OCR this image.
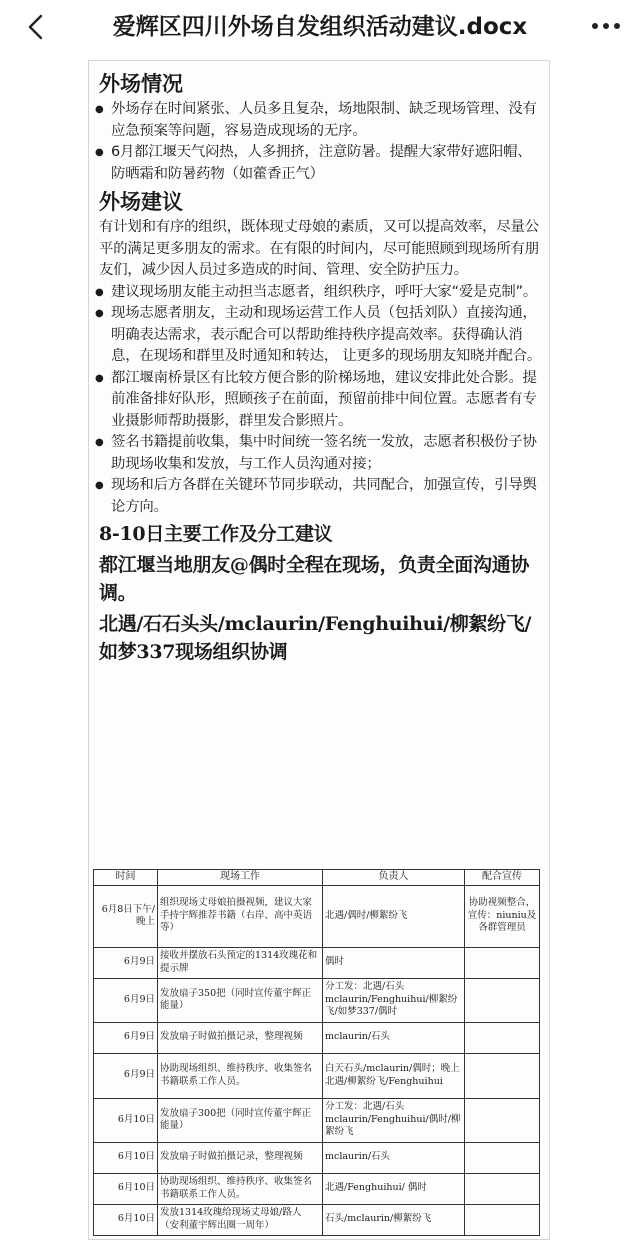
爱辉区四川外场自发组织活动建议.docx
外场情况
● 外场存在时间紧张、人员多且复杂，场地限制、缺乏现场管理、没有应急预案等问题，容易造成现场的无序。
● 6月都江堰天气闷热，人多拥挤，注意防暑。提醒大家带好遮阳帽、防晒霜和防暑药物（如藿香正气）
外场建议

有计划和有序的组织，既体现丈母娘的素质，又可以提高效率，尽量公平的满足更多朋友的需求。在有限的时间内，尽可能照顾到现场所有朋友们，减少因人员过多造成的时间、管理、安全防护压力。

● 建议现场朋友能主动担当志愿者，组织秩序，呼吁大家“爱是克制”。
● 现场志愿者朋友，主动和现场运营工作人员（包括刘队）直接沟通，明确表达需求，表示配合可以帮助维持秩序提高效率。获得确认消息，在现场和群里及时通知和转达， 让更多的现场朋友知晓并配合。
● 都江堰南桥景区有比较方便合影的阶梯场地，建议安排此处合影。提前准备排好队形，照顾孩子在前面，预留前排中间位置。志愿者有专业摄影师帮助摄影，群里发合影照片。
● 签名书籍提前收集，集中时间统一签名统一发放，志愿者积极份子协助现场收集和发放，与工作人员沟通对接；
● 现场和后方各群在关键环节同步联动，共同配合，加强宣传，引导舆论方向。
8-10日主要工作及分工建议
都江堰当地朋友@偶时全程在现场，负责全面沟通协调。
北遇/石石头头/mclaurin/Fenghuihui/柳絮纷飞/如梦337现场组织协调
时间	现场工作	负责人	配合宣传
6月8日下午/晚上	组织现场丈母娘拍摄视频，建议大家手持宇辉推荐书籍（右岸、高中英语等）	北遇/偶时/柳絮纷飞	协助视频整合，宣传：niuniu及各群管理员
6月9日	接收并摆放石头预定的1314玫瑰花和提示牌	偶时	
6月9日	发放扇子350把（同时宣传董宇辉正能量）	分工发：北遇/石头mclaurin/Fenghuihui/柳絮纷飞/如梦337/偶时	
6月9日	发放扇子时做拍摄记录，整理视频	mclaurin/石头	
6月9日	协助现场组织、维持秩序、收集签名书籍联系工作人员。	白天石头/mclaurin/偶时；晚上北遇/柳絮纷飞/Fenghuihui	
6月10日	发放扇子300把（同时宣传董宇辉正能量）	分工发：北遇/石头mclaurin/Fenghuihui/偶时/柳絮纷飞	
6月10日	发放扇子时做拍摄记录，整理视频	mclaurin/石头	
6月10日	协助现场组织、维持秩序、收集签名书籍联系工作人员。	北遇/Fenghuihui/ 偶时	
6月10日	发放1314玫瑰给现场丈母娘/路人（安利董宇辉出圈一周年）	石头/mclaurin/柳絮纷飞	
